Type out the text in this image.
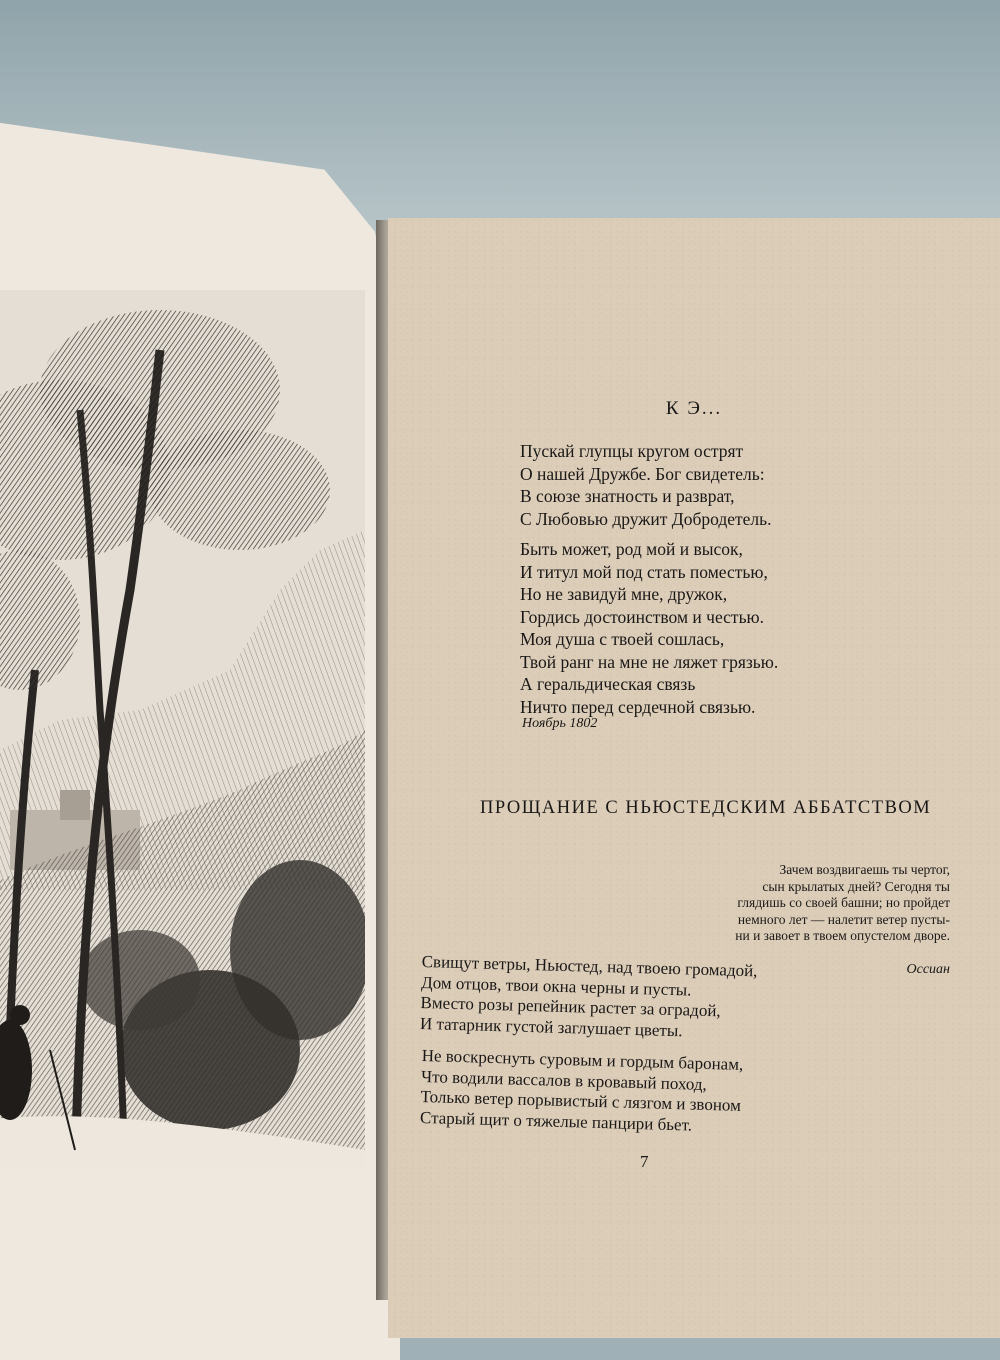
К Э...
Пускай глупцы кругом острят
О нашей Дружбе. Бог свидетель:
В союзе знатность и разврат,
С Любовью дружит Добродетель.
Быть может, род мой и высок,
И титул мой под стать поместью,
Но не завидуй мне, дружок,
Гордись достоинством и честью.
Моя душа с твоей сошлась,
Твой ранг на мне не ляжет грязью.
А геральдическая связь
Ничто перед сердечной связью.
Ноябрь 1802
ПРОЩАНИЕ С НЬЮСТЕДСКИМ АББАТСТВОМ
Зачем воздвигаешь ты чертог,
сын крылатых дней? Сегодня ты
глядишь со своей башни; но пройдет
немного лет — налетит ветер пусты-
ни и завоет в твоем опустелом дворе.
Оссиан
Свищут ветры, Ньюстед, над твоею громадой,
Дом отцов, твои окна черны и пусты.
Вместо розы репейник растет за оградой,
И татарник густой заглушает цветы.
Не воскреснуть суровым и гордым баронам,
Что водили вассалов в кровавый поход,
Только ветер порывистый с лязгом и звоном
Старый щит о тяжелые панцири бьет.
7
